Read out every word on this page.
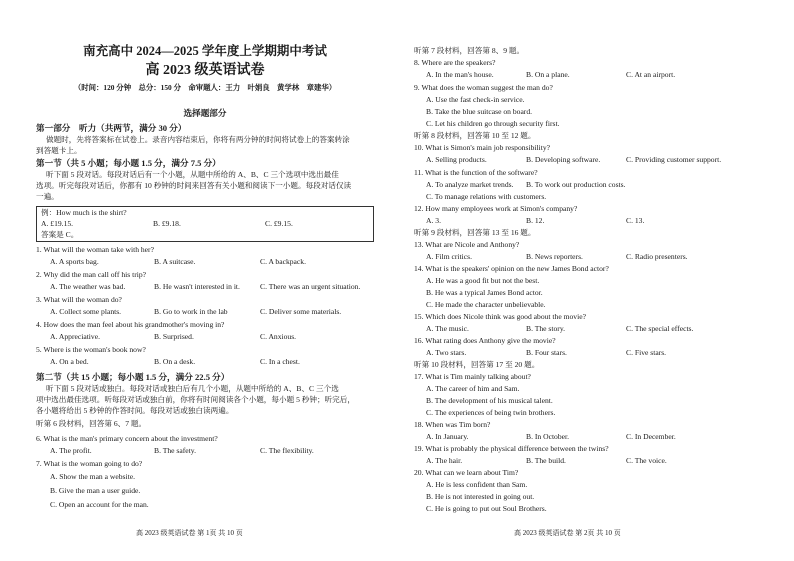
南充高中 2024—2025 学年度上学期期中考试
高 2023 级英语试卷
（时间：120 分钟　总分：150 分　命审题人：王力　叶娟良　黄学林　章建华）
选择题部分
第一部分　听力（共两节，满分 30 分）
做题时，先将答案标在试卷上。录音内容结束后，你将有两分钟的时间将试卷上的答案转涂
到答题卡上。
第一节（共 5 小题；每小题 1.5 分，满分 7.5 分）
听下面 5 段对话。每段对话后有一个小题，从题中所给的 A、B、C 三个选项中选出最佳
选项。听完每段对话后，你都有 10 秒钟的时间来回答有关小题和阅读下一小题。每段对话仅读
一遍。
例：How much is the shirt?
A. £19.15.	B. £9.18.	C. £9.15.
答案是 C。
1. What will the woman take with her?
A. A sports bag.	B. A suitcase.	C. A backpack.
2. Why did the man call off his trip?
A. The weather was bad.	B. He wasn't interested in it.	C. There was an urgent situation.
3. What will the woman do?
A. Collect some plants.	B. Go to work in the lab	C. Deliver some materials.
4. How does the man feel about his grandmother's moving in?
A. Appreciative.	B. Surprised.	C. Anxious.
5. Where is the woman's book now?
A. On a bed.	B. On a desk.	C. In a chest.
第二节（共 15 小题；每小题 1.5 分，满分 22.5 分）
听下面 5 段对话或独白。每段对话或独白后有几个小题，从题中所给的 A、B、C 三个选
项中选出最佳选项。听每段对话或独白前，你将有时间阅读各个小题，每小题 5 秒钟；听完后，
各小题将给出 5 秒钟的作答时间。每段对话或独白读两遍。
听第 6 段材料，回答第 6、7 题。
6. What is the man's primary concern about the investment?
A. The profit.	B. The safety.	C. The flexibility.
7. What is the woman going to do?
A. Show the man a website.
B. Give the man a user guide.
C. Open an account for the man.
高 2023 级英语试卷 第 1页 共 10 页
听第 7 段材料，回答第 8、9 题。
8. Where are the speakers?
A. In the man's house.	B. On a plane.	C. At an airport.
9. What does the woman suggest the man do?
A. Use the fast check-in service.
B. Take the blue suitcase on board.
C. Let his children go through security first.
听第 8 段材料，回答第 10 至 12 题。
10. What is Simon's main job responsibility?
A. Selling products.	B. Developing software.	C. Providing customer support.
11. What is the function of the software?
A. To analyze market trends. B. To work out production costs.
C. To manage relations with customers.
12. How many employees work at Simon's company?
A. 3.	B. 12.	C. 13.
听第 9 段材料，回答第 13 至 16 题。
13. What are Nicole and Anthony?
A. Film critics.	B. News reporters.	C. Radio presenters.
14. What is the speakers' opinion on the new James Bond actor?
A. He was a good fit but not the best.
B. He was a typical James Bond actor.
C. He made the character unbelievable.
15. Which does Nicole think was good about the movie?
A. The music.	B. The story.	C. The special effects.
16. What rating does Anthony give the movie?
A. Two stars.	B. Four stars.	C. Five stars.
听第 10 段材料，回答第 17 至 20 题。
17. What is Tim mainly talking about?
A. The career of him and Sam.
B. The development of his musical talent.
C. The experiences of being twin brothers.
18. When was Tim born?
A. In January.	B. In October.	C. In December.
19. What is probably the physical difference between the twins?
A. The hair.	B. The build.	C. The voice.
20. What can we learn about Tim?
A. He is less confident than Sam.
B. He is not interested in going out.
C. He is going to put out Soul Brothers.
高 2023 级英语试卷 第 2页 共 10 页
